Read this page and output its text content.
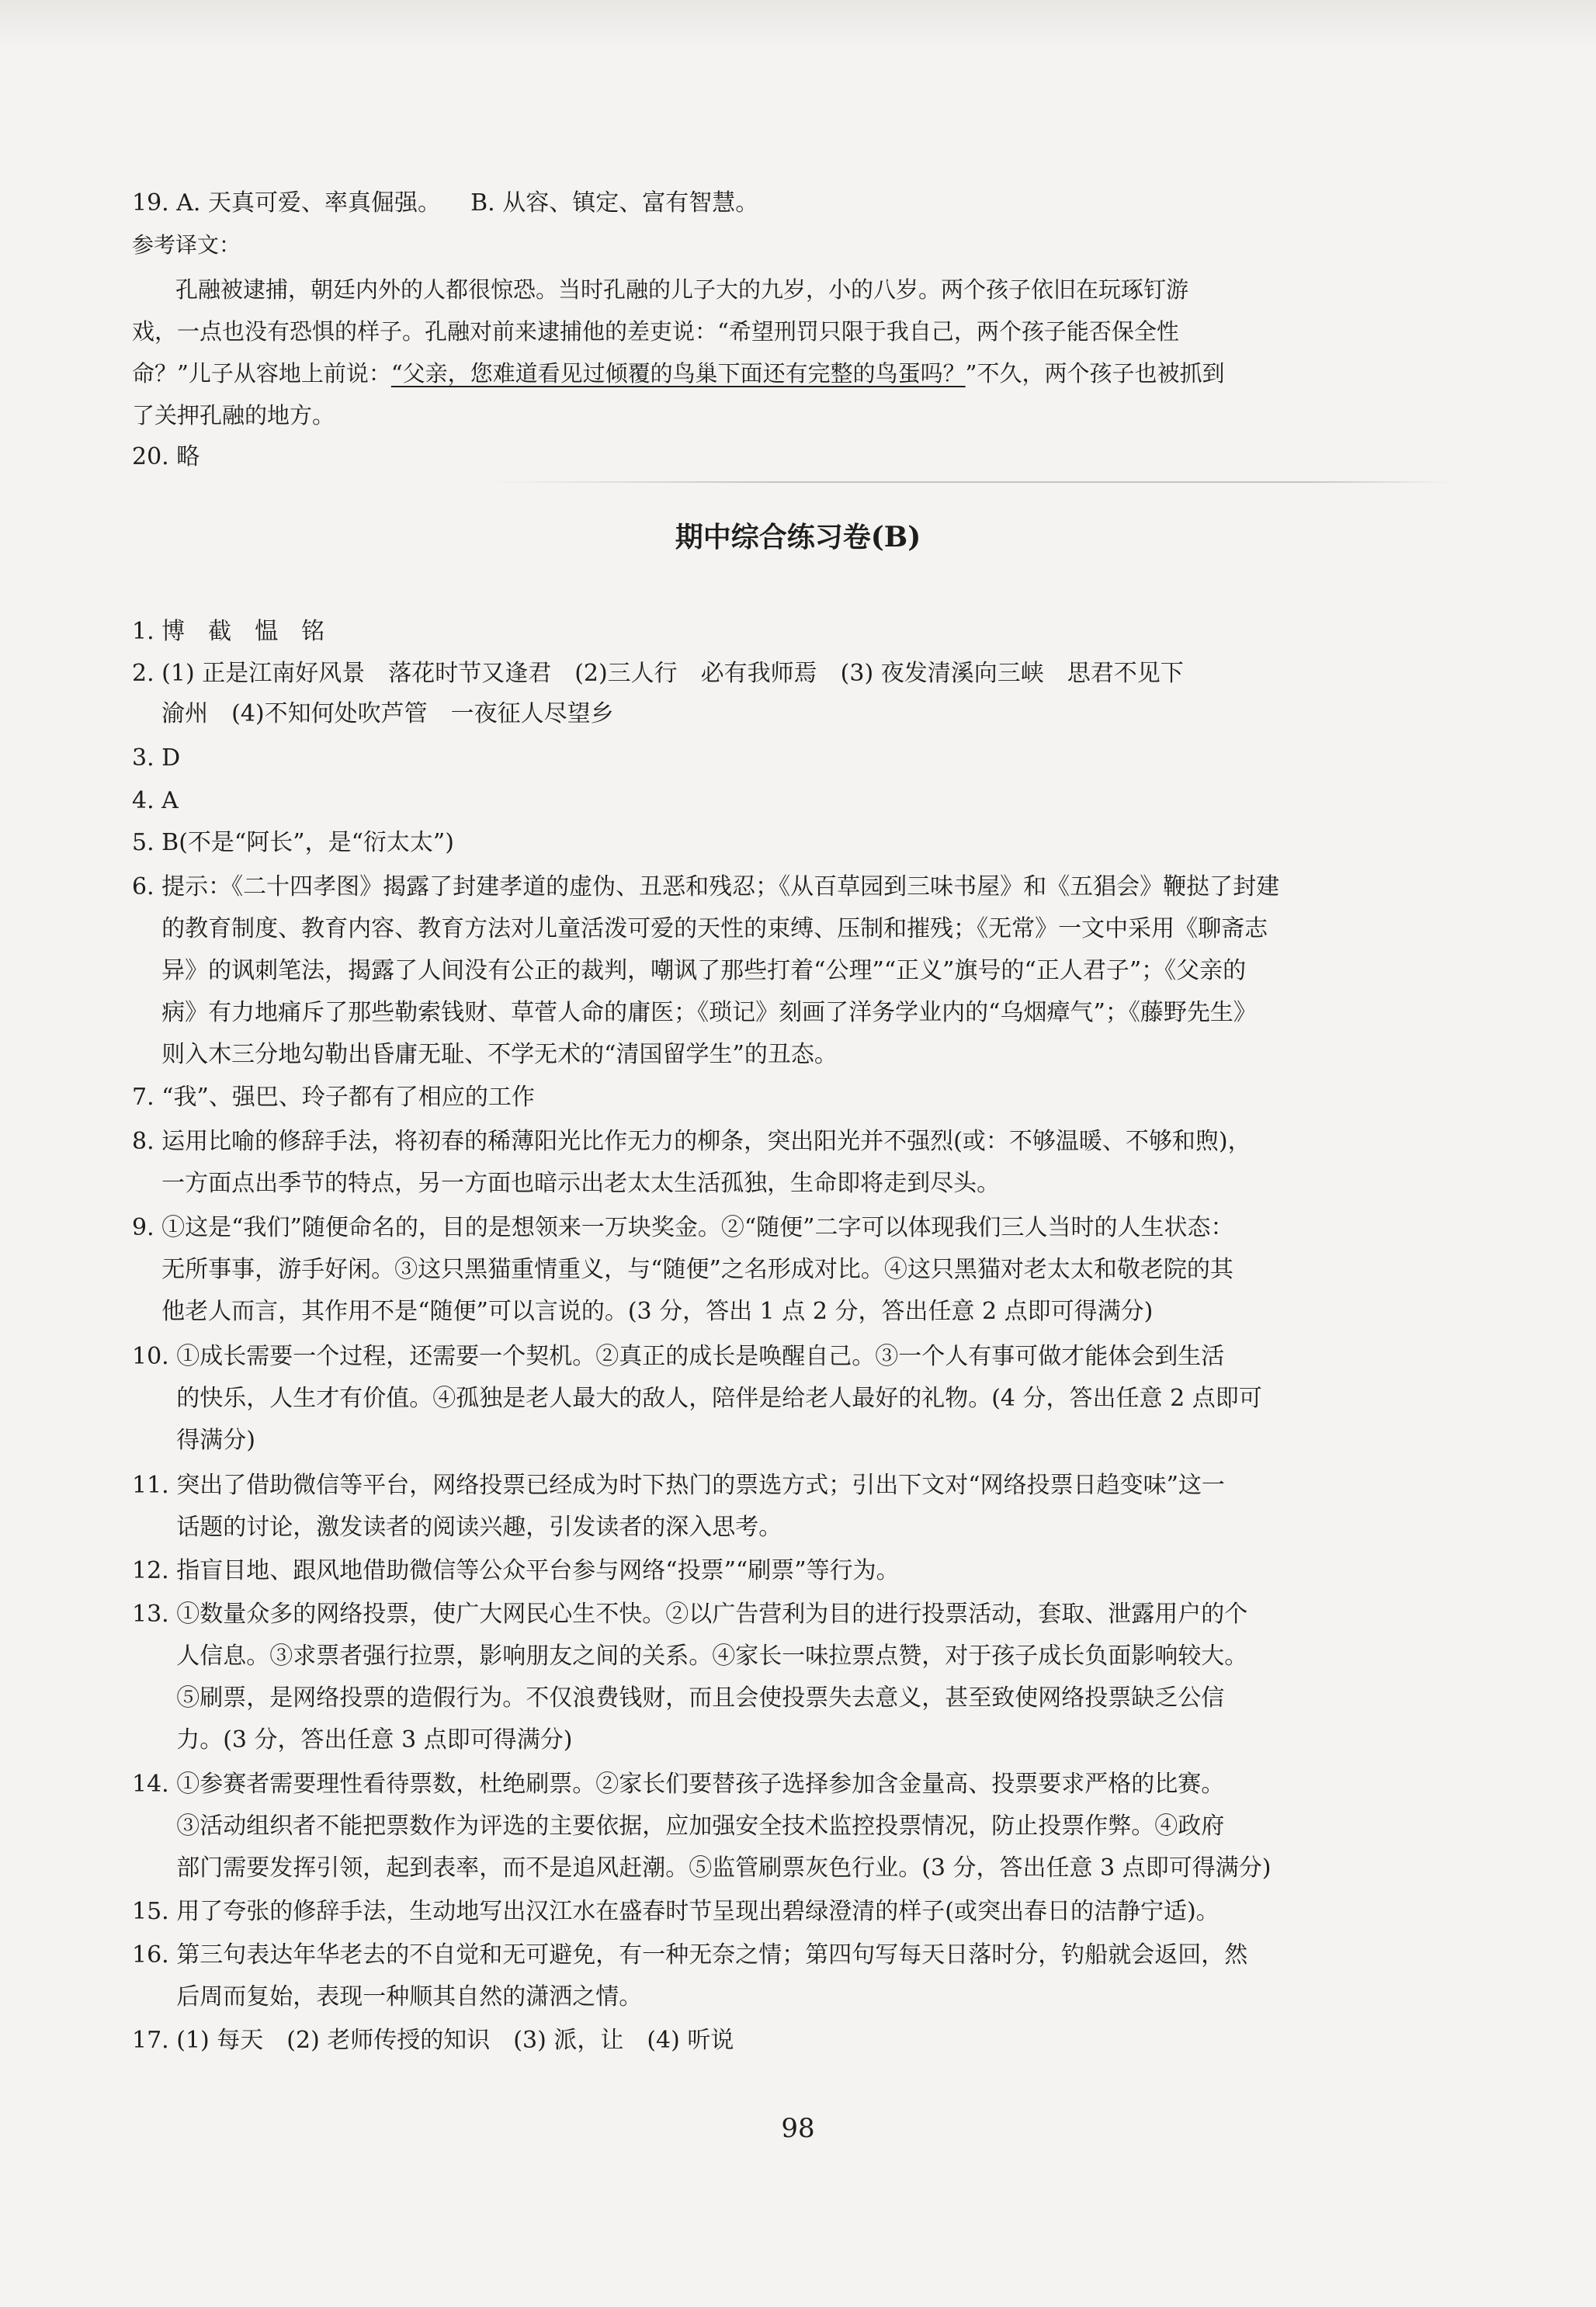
19. A. 天真可爱、率真倔强。    B. 从容、镇定、富有智慧。
参考译文：
孔融被逮捕，朝廷内外的人都很惊恐。当时孔融的儿子大的九岁，小的八岁。两个孩子依旧在玩琢钉游
戏，一点也没有恐惧的样子。孔融对前来逮捕他的差吏说：“希望刑罚只限于我自己，两个孩子能否保全性
命？”儿子从容地上前说：“父亲，您难道看见过倾覆的鸟巢下面还有完整的鸟蛋吗？”不久，两个孩子也被抓到
了关押孔融的地方。
20. 略
期中综合练习卷(B)
1. 博　截　愠　铭
2. (1) 正是江南好风景　落花时节又逢君　(2)三人行　必有我师焉　(3) 夜发清溪向三峡　思君不见下
渝州　(4)不知何处吹芦管　一夜征人尽望乡
3. D
4. A
5. B(不是“阿长”，是“衍太太”)
6. 提示：《二十四孝图》揭露了封建孝道的虚伪、丑恶和残忍；《从百草园到三味书屋》和《五猖会》鞭挞了封建
的教育制度、教育内容、教育方法对儿童活泼可爱的天性的束缚、压制和摧残；《无常》一文中采用《聊斋志
异》的讽刺笔法，揭露了人间没有公正的裁判，嘲讽了那些打着“公理”“正义”旗号的“正人君子”；《父亲的
病》有力地痛斥了那些勒索钱财、草菅人命的庸医；《琐记》刻画了洋务学业内的“乌烟瘴气”；《藤野先生》
则入木三分地勾勒出昏庸无耻、不学无术的“清国留学生”的丑态。
7. “我”、强巴、玲子都有了相应的工作
8. 运用比喻的修辞手法，将初春的稀薄阳光比作无力的柳条，突出阳光并不强烈(或：不够温暖、不够和煦)，
一方面点出季节的特点，另一方面也暗示出老太太生活孤独，生命即将走到尽头。
9. ①这是“我们”随便命名的，目的是想领来一万块奖金。②“随便”二字可以体现我们三人当时的人生状态：
无所事事，游手好闲。③这只黑猫重情重义，与“随便”之名形成对比。④这只黑猫对老太太和敬老院的其
他老人而言，其作用不是“随便”可以言说的。(3 分，答出 1 点 2 分，答出任意 2 点即可得满分)
10. ①成长需要一个过程，还需要一个契机。②真正的成长是唤醒自己。③一个人有事可做才能体会到生活
的快乐，人生才有价值。④孤独是老人最大的敌人，陪伴是给老人最好的礼物。(4 分，答出任意 2 点即可
得满分)
11. 突出了借助微信等平台，网络投票已经成为时下热门的票选方式；引出下文对“网络投票日趋变味”这一
话题的讨论，激发读者的阅读兴趣，引发读者的深入思考。
12. 指盲目地、跟风地借助微信等公众平台参与网络“投票”“刷票”等行为。
13. ①数量众多的网络投票，使广大网民心生不快。②以广告营利为目的进行投票活动，套取、泄露用户的个
人信息。③求票者强行拉票，影响朋友之间的关系。④家长一味拉票点赞，对于孩子成长负面影响较大。
⑤刷票，是网络投票的造假行为。不仅浪费钱财，而且会使投票失去意义，甚至致使网络投票缺乏公信
力。(3 分，答出任意 3 点即可得满分)
14. ①参赛者需要理性看待票数，杜绝刷票。②家长们要替孩子选择参加含金量高、投票要求严格的比赛。
③活动组织者不能把票数作为评选的主要依据，应加强安全技术监控投票情况，防止投票作弊。④政府
部门需要发挥引领，起到表率，而不是追风赶潮。⑤监管刷票灰色行业。(3 分，答出任意 3 点即可得满分)
15. 用了夸张的修辞手法，生动地写出汉江水在盛春时节呈现出碧绿澄清的样子(或突出春日的洁静宁适)。
16. 第三句表达年华老去的不自觉和无可避免，有一种无奈之情；第四句写每天日落时分，钓船就会返回，然
后周而复始，表现一种顺其自然的潇洒之情。
17. (1) 每天　(2) 老师传授的知识　(3) 派，让　(4) 听说
98
